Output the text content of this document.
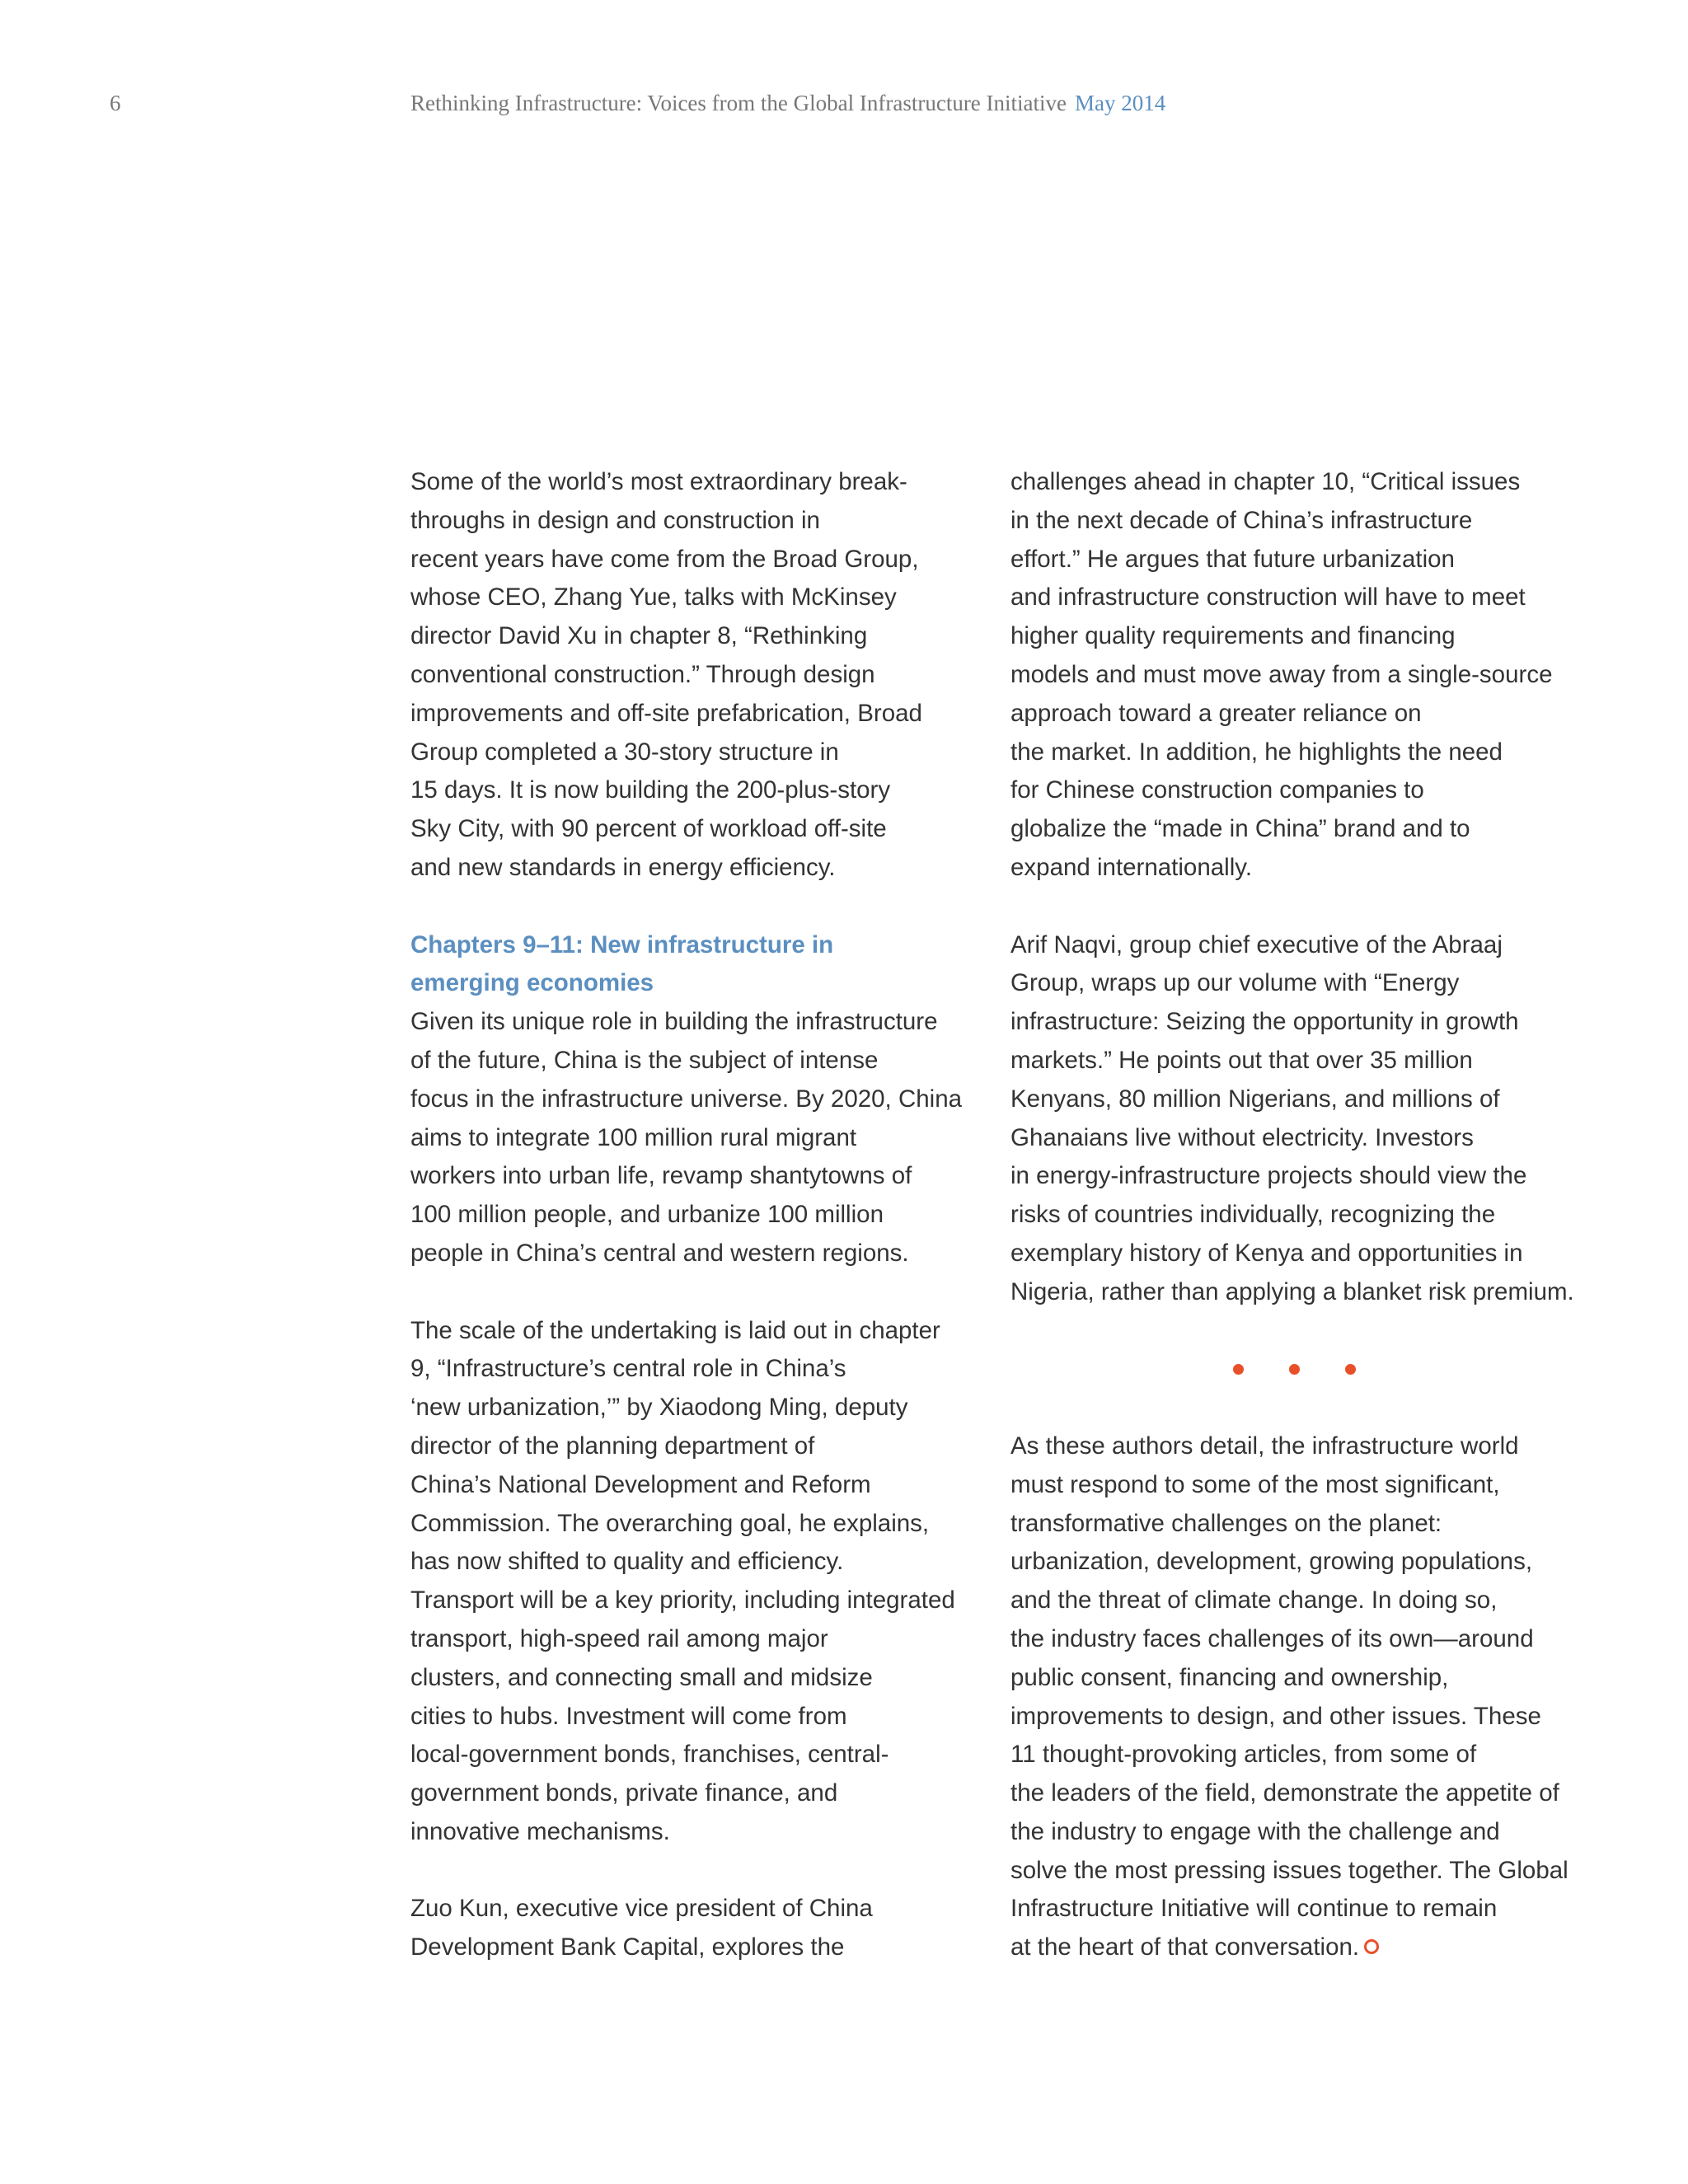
6	Rethinking Infrastructure: Voices from the Global Infrastructure Initiative May 2014

Some of the world’s most extraordinary break-
throughs in design and construction in
recent years have come from the Broad Group,
whose CEO, Zhang Yue, talks with McKinsey
director David Xu in chapter 8, “Rethinking
conventional construction.” Through design
improvements and off-site prefabrication, Broad
Group completed a 30-story structure in
15 days. It is now building the 200-plus-story
Sky City, with 90 percent of workload off-site
and new standards in energy efficiency.

Chapters 9–11: New infrastructure in
emerging economies

Given its unique role in building the infrastructure
of the future, China is the subject of intense
focus in the infrastructure universe. By 2020, China
aims to integrate 100 million rural migrant
workers into urban life, revamp shantytowns of
100 million people, and urbanize 100 million
people in China’s central and western regions.

The scale of the undertaking is laid out in chapter
9, “Infrastructure’s central role in China’s
‘new urbanization,’” by Xiaodong Ming, deputy
director of the planning department of
China’s National Development and Reform
Commission. The overarching goal, he explains,
has now shifted to quality and efficiency.
Transport will be a key priority, including integrated
transport, high-speed rail among major
clusters, and connecting small and midsize
cities to hubs. Investment will come from
local-government bonds, franchises, central-
government bonds, private finance, and
innovative mechanisms.

Zuo Kun, executive vice president of China
Development Bank Capital, explores the

challenges ahead in chapter 10, “Critical issues
in the next decade of China’s infrastructure
effort.” He argues that future urbanization
and infrastructure construction will have to meet
higher quality requirements and financing
models and must move away from a single-source
approach toward a greater reliance on
the market. In addition, he highlights the need
for Chinese construction companies to
globalize the “made in China” brand and to
expand internationally.

Arif Naqvi, group chief executive of the Abraaj
Group, wraps up our volume with “Energy
infrastructure: Seizing the opportunity in growth
markets.” He points out that over 35 million
Kenyans, 80 million Nigerians, and millions of
Ghanaians live without electricity. Investors
in energy-infrastructure projects should view the
risks of countries individually, recognizing the
exemplary history of Kenya and opportunities in
Nigeria, rather than applying a blanket risk premium.

As these authors detail, the infrastructure world
must respond to some of the most significant,
transformative challenges on the planet:
urbanization, development, growing populations,
and the threat of climate change. In doing so,
the industry faces challenges of its own—around
public consent, financing and ownership,
improvements to design, and other issues. These
11 thought-provoking articles, from some of
the leaders of the field, demonstrate the appetite of
the industry to engage with the challenge and
solve the most pressing issues together. The Global
Infrastructure Initiative will continue to remain
at the heart of that conversation.
